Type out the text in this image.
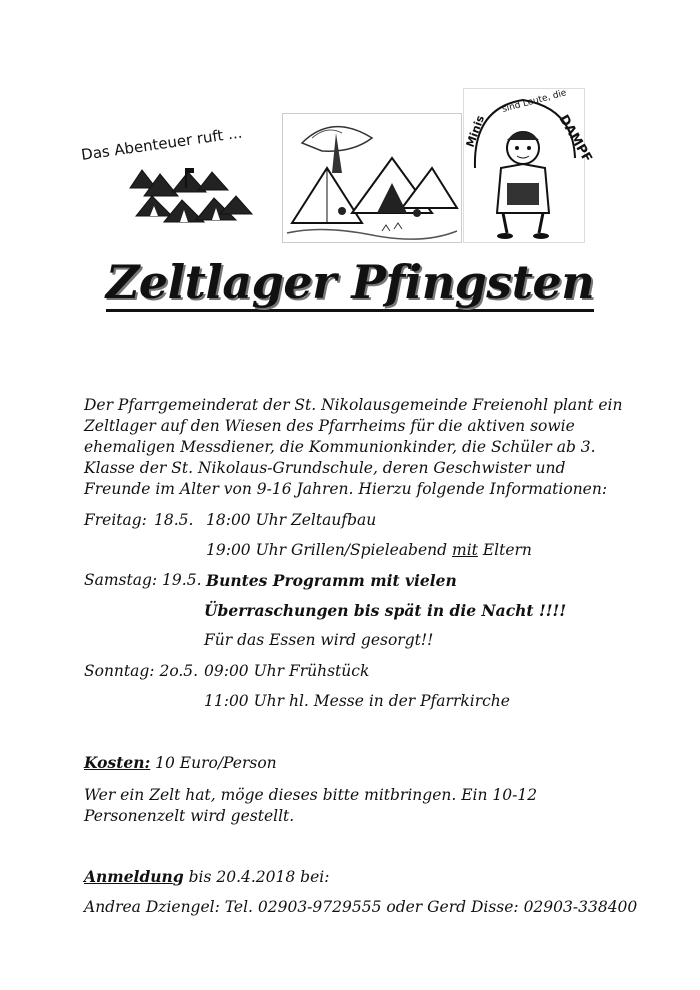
Das Abenteuer ruft ...	Minis
sind Leute, die
DAMPF
Zeltlager Pfingsten
Der Pfarrgemeinderat der St. Nikolausgemeinde Freienohl plant ein Zeltlager auf den Wiesen des Pfarrheims für die aktiven sowie ehemaligen Messdiener, die Kommunionkinder, die Schüler ab 3. Klasse der St. Nikolaus-Grundschule, deren Geschwister und Freunde im Alter von 9-16 Jahren. Hierzu folgende Informationen:
Freitag: 18.5. 18:00 Uhr Zeltaufbau
19:00 Uhr Grillen/Spieleabend mit Eltern
Samstag: 19.5. Buntes Programm mit vielen
Überraschungen bis spät in die Nacht !!!!
Für das Essen wird gesorgt!!
Sonntag: 2o.5. 09:00 Uhr Frühstück
11:00 Uhr hl. Messe in der Pfarrkirche
Kosten: 10 Euro/Person
Wer ein Zelt hat, möge dieses bitte mitbringen. Ein 10-12 Personenzelt wird gestellt.
Anmeldung bis 20.4.2018 bei:
Andrea Dziengel: Tel. 02903-9729555 oder Gerd Disse: 02903-338400
